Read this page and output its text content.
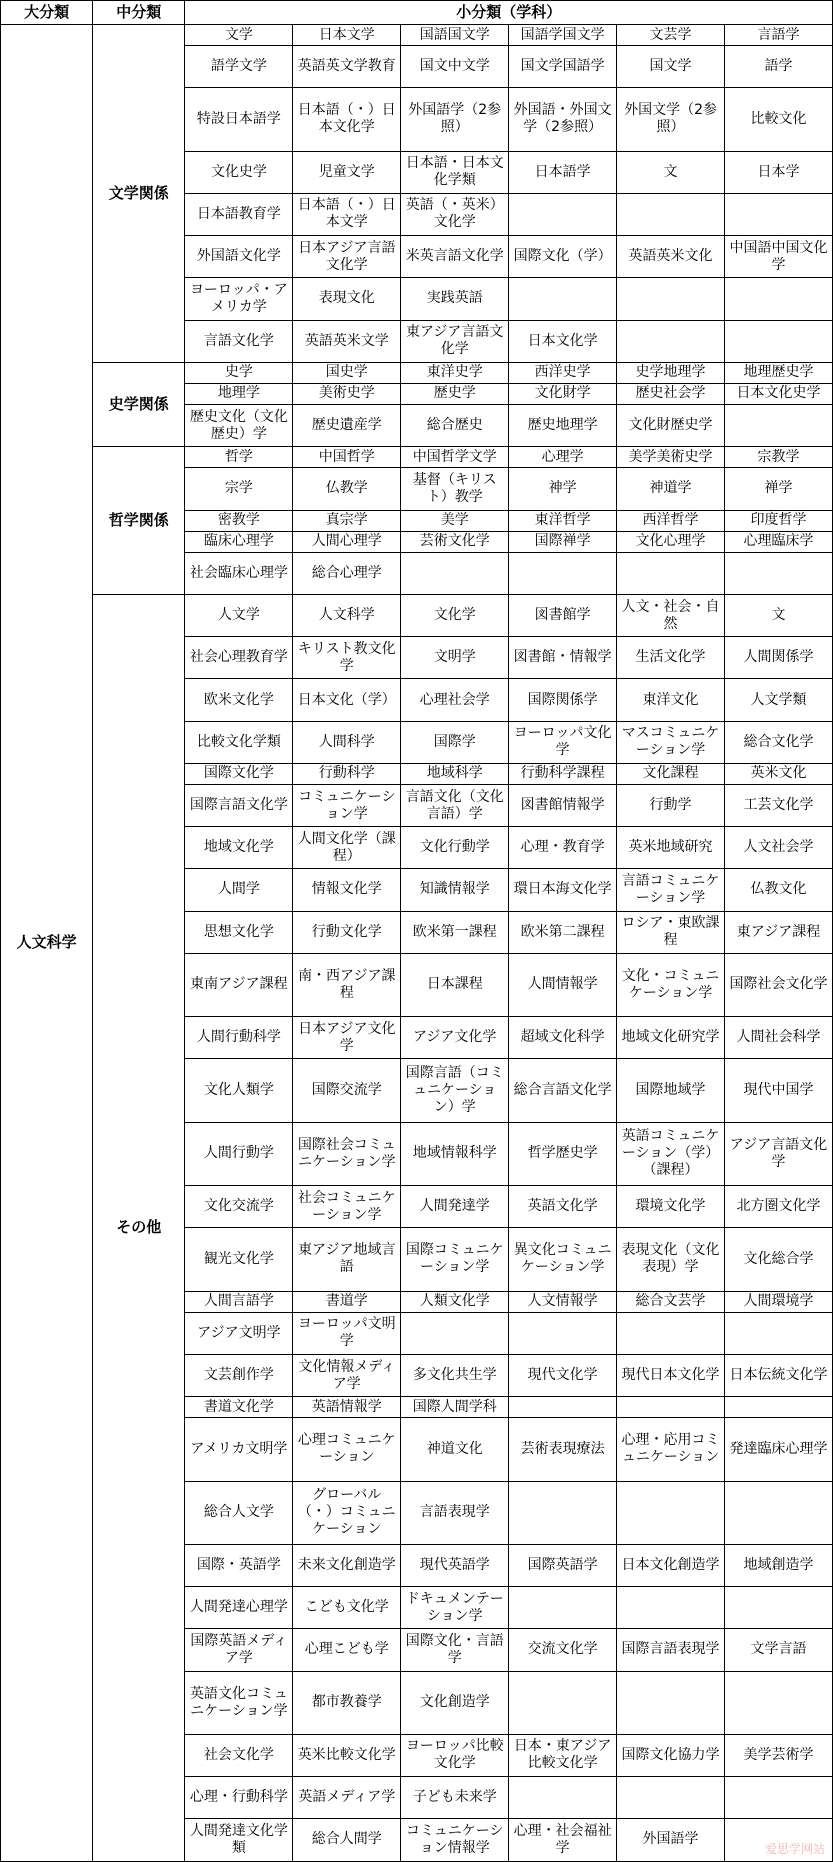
大分類	中分類	小分類（学科）					
人文科学	文学関係	文学	日本文学	国語国文学	国語学国文学	文芸学	言語学
		語学文学	英語英文学教育	国文中文学	国文学国語学	国文学	語学
		特設日本語学	日本語（・）日本文化学	外国語学（2参照）	外国語・外国文学（2参照）	外国文学（2参照）	比較文化
		文化史学	児童文学	日本語・日本文化学類	日本語学	文	日本学
		日本語教育学	日本語（・）日本文学	英語（・英米）文化学			
		外国語文化学	日本アジア言語文化学	米英言語文化学	国際文化（学）	英語英米文化	中国語中国文化学
		ヨーロッパ・アメリカ学	表現文化	実践英語			
		言語文化学	英語英米文学	東アジア言語文化学	日本文化学		
	史学関係	史学	国史学	東洋史学	西洋史学	史学地理学	地理歴史学
		地理学	美術史学	歴史学	文化財学	歴史社会学	日本文化史学
		歴史文化（文化歴史）学	歴史遺産学	総合歴史	歴史地理学	文化財歴史学	
	哲学関係	哲学	中国哲学	中国哲学文学	心理学	美学美術史学	宗教学
		宗学	仏教学	基督（キリスト）教学	神学	神道学	禅学
		密教学	真宗学	美学	東洋哲学	西洋哲学	印度哲学
		臨床心理学	人間心理学	芸術文化学	国際禅学	文化心理学	心理臨床学
		社会臨床心理学	総合心理学				
	その他	人文学	人文科学	文化学	図書館学	人文・社会・自然	文
		社会心理教育学	キリスト教文化学	文明学	図書館・情報学	生活文化学	人間関係学
		欧米文化学	日本文化（学）	心理社会学	国際関係学	東洋文化	人文学類
		比較文化学類	人間科学	国際学	ヨーロッパ文化学	マスコミュニケーション学	総合文化学
		国際文化学	行動科学	地域科学	行動科学課程	文化課程	英米文化
		国際言語文化学	コミュニケーション学	言語文化（文化言語）学	図書館情報学	行動学	工芸文化学
		地域文化学	人間文化学（課程）	文化行動学	心理・教育学	英米地域研究	人文社会学
		人間学	情報文化学	知識情報学	環日本海文化学	言語コミュニケーション学	仏教文化
		思想文化学	行動文化学	欧米第一課程	欧米第二課程	ロシア・東欧課程	東アジア課程
		東南アジア課程	南・西アジア課程	日本課程	人間情報学	文化・コミュニケーション学	国際社会文化学
		人間行動科学	日本アジア文化学	アジア文化学	超域文化科学	地域文化研究学	人間社会科学
		文化人類学	国際交流学	国際言語（コミュニケーション）学	総合言語文化学	国際地域学	現代中国学
		人間行動学	国際社会コミュニケーション学	地域情報科学	哲学歴史学	英語コミュニケーション（学）（課程）	アジア言語文化学
		文化交流学	社会コミュニケーション学	人間発達学	英語文化学	環境文化学	北方圏文化学
		観光文化学	東アジア地域言語	国際コミュニケーション学	異文化コミュニケーション学	表現文化（文化表現）学	文化総合学
		人間言語学	書道学	人類文化学	人文情報学	総合文芸学	人間環境学
		アジア文明学	ヨーロッパ文明学				
		文芸創作学	文化情報メディア学	多文化共生学	現代文化学	現代日本文化学	日本伝統文化学
		書道文化学	英語情報学	国際人間学科			
		アメリカ文明学	心理コミュニケーション	神道文化	芸術表現療法	心理・応用コミュニケーション	発達臨床心理学
		総合人文学	グローバル（・）コミュニケーション	言語表現学			
		国際・英語学	未来文化創造学	現代英語学	国際英語学	日本文化創造学	地域創造学
		人間発達心理学	こども文化学	ドキュメンテーション学			
		国際英語メディア学	心理こども学	国際文化・言語学	交流文化学	国際言語表現学	文学言語
		英語文化コミュニケーション学	都市教養学	文化創造学			
		社会文化学	英米比較文化学	ヨーロッパ比較文化学	日本・東アジア比較文化学	国際文化協力学	美学芸術学
		心理・行動科学	英語メディア学	子ども未来学			
		人間発達文化学類	総合人間学	コミュニケーション情報学	心理・社会福祉学	外国語学	
爱思学网站
